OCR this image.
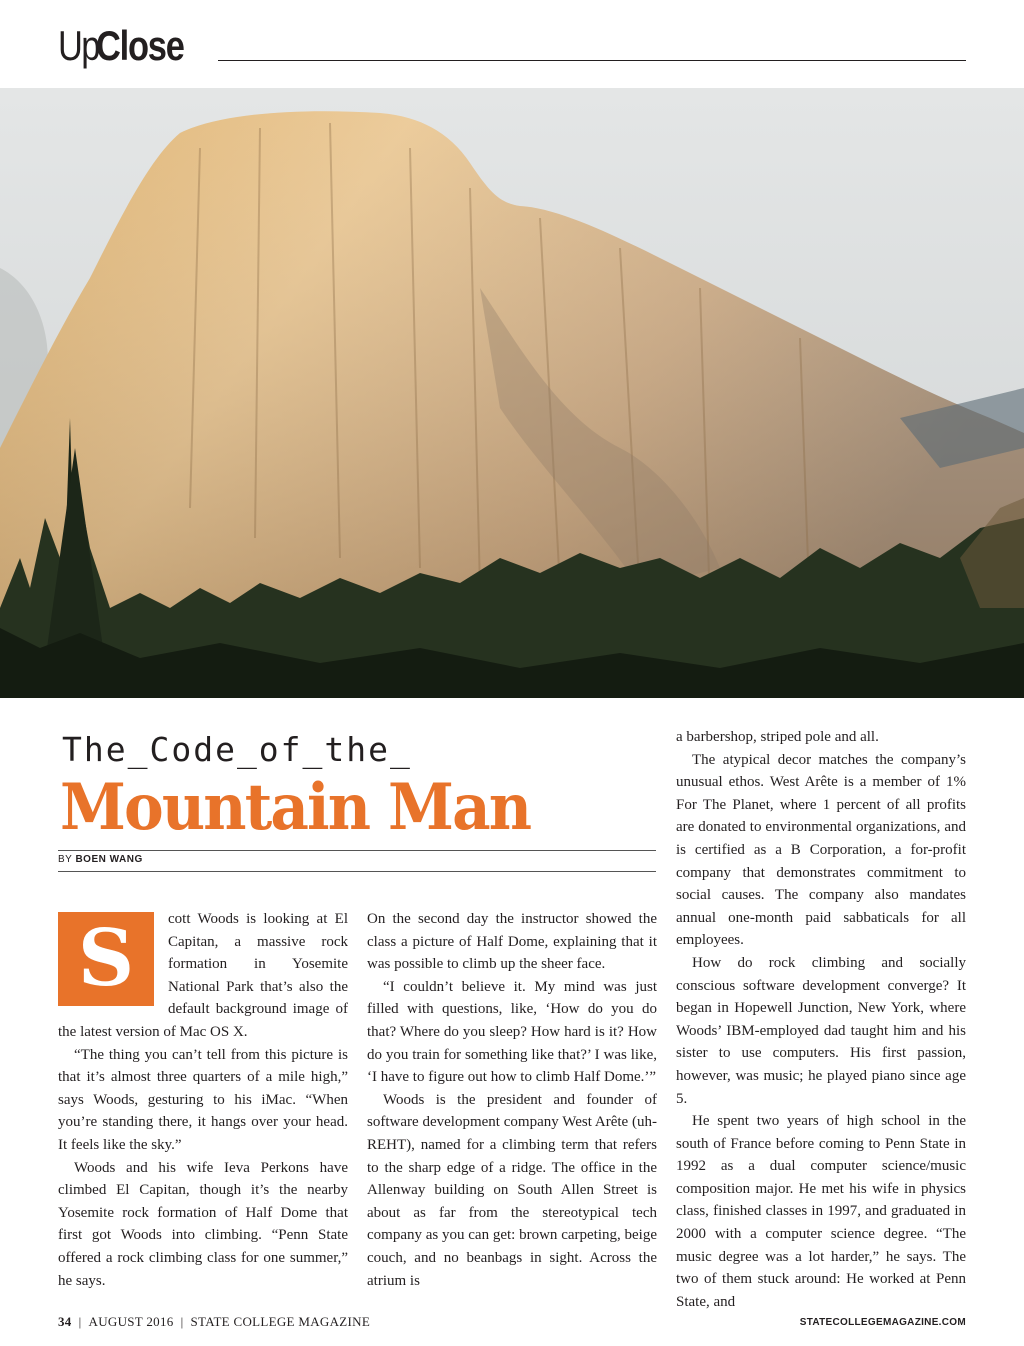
Up
Close
The_Code_of_the_
Mountain Man
BY BOEN WANG
S	cott Woods is looking at El Capitan, a massive rock formation in Yosemite National Park that’s also the default background image of the latest version of Mac OS X.

“The thing you can’t tell from this picture is that it’s almost three quarters of a mile high,” says Woods, gesturing to his iMac. “When you’re standing there, it hangs over your head. It feels like the sky.”

Woods and his wife Ieva Perkons have climbed El Capitan, though it’s the nearby Yosemite rock formation of Half Dome that first got Woods into climbing. “Penn State offered a rock climbing class for one summer,” he says.

On the second day the instructor showed the class a picture of Half Dome, explaining that it was possible to climb up the sheer face.

“I couldn’t believe it. My mind was just filled with questions, like, ‘How do you do that? Where do you sleep? How hard is it? How do you train for something like that?’ I was like, ‘I have to figure out how to climb Half Dome.’”

Woods is the president and founder of software development company West Arête (uh-REHT), named for a climbing term that refers to the sharp edge of a ridge. The office in the Allenway building on South Allen Street is about as far from the stereotypical tech company as you can get: brown carpeting, beige couch, and no beanbags in sight. Across the atrium is

a barbershop, striped pole and all.

The atypical decor matches the company’s unusual ethos. West Arête is a member of 1% For The Planet, where 1 percent of all profits are donated to environmental organizations, and is certified as a B Corporation, a for-profit company that demonstrates commitment to social causes. The company also mandates annual one-month paid sabbaticals for all employees.

How do rock climbing and socially conscious software development converge? It began in Hopewell Junction, New York, where Woods’ IBM-employed dad taught him and his sister to use computers. His first passion, however, was music; he played piano since age 5.

He spent two years of high school in the south of France before coming to Penn State in 1992 as a dual computer science/music composition major. He met his wife in physics class, finished classes in 1997, and graduated in 2000 with a computer science degree. “The music degree was a lot harder,” he says. The two of them stuck around: He worked at Penn State, and

34 | AUGUST 2016 | STATE COLLEGE MAGAZINE	STATECOLLEGEMAGAZINE.COM
